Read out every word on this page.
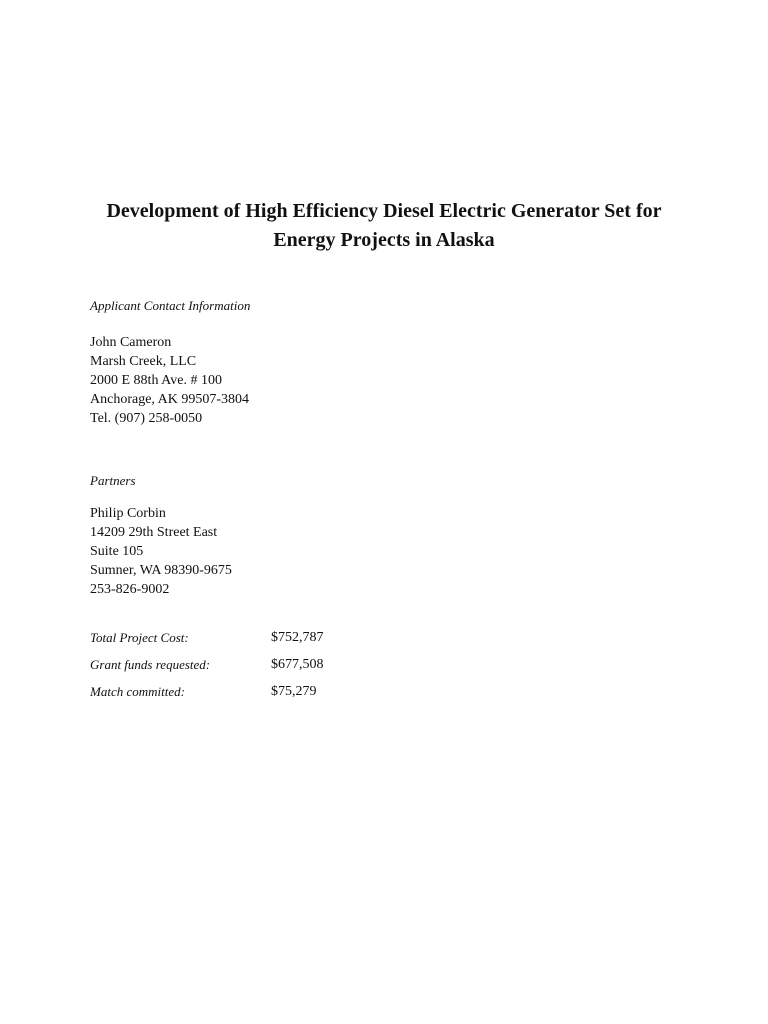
Development of High Efficiency Diesel Electric Generator Set for
Energy Projects in Alaska
Applicant Contact Information
John Cameron
Marsh Creek, LLC
2000 E 88th Ave. # 100
Anchorage, AK 99507-3804
Tel. (907) 258-0050
Partners
Philip Corbin
14209 29th Street East
Suite 105
Sumner, WA 98390-9675
253-826-9002
Total Project Cost:	$752,787
Grant funds requested:	$677,508
Match committed:	$75,279
